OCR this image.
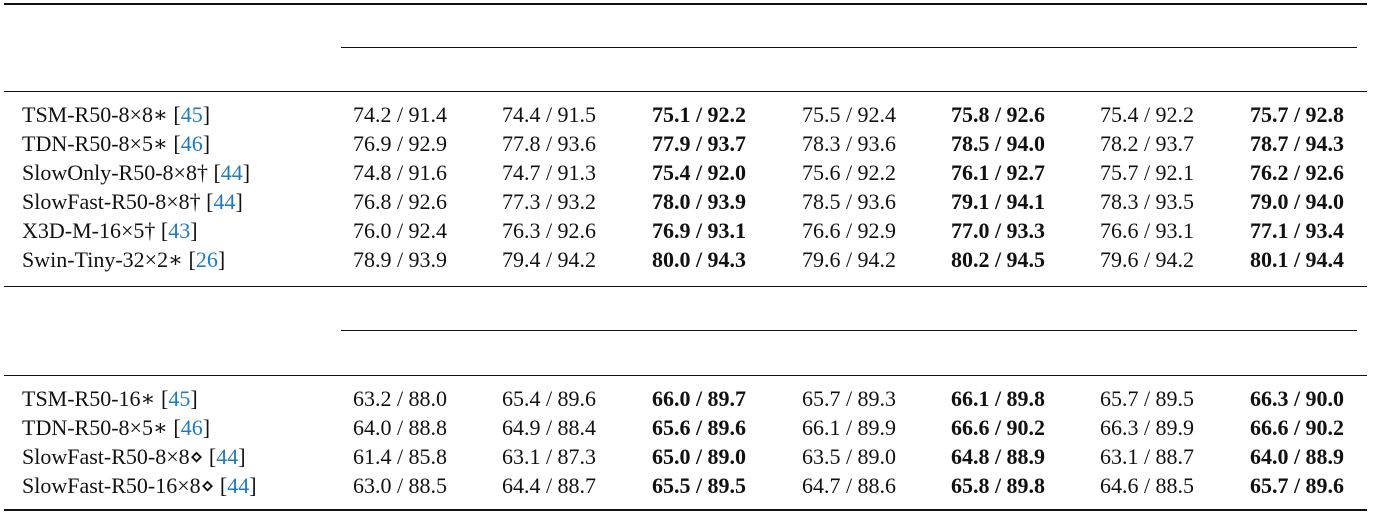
TSM-R50-8×8∗ [45]	74.2 / 91.4	74.4 / 91.5	75.1 / 92.2	75.5 / 92.4	75.8 / 92.6	75.4 / 92.2	75.7 / 92.8
TDN-R50-8×5∗ [46]	76.9 / 92.9	77.8 / 93.6	77.9 / 93.7	78.3 / 93.6	78.5 / 94.0	78.2 / 93.7	78.7 / 94.3
SlowOnly-R50-8×8† [44]	74.8 / 91.6	74.7 / 91.3	75.4 / 92.0	75.6 / 92.2	76.1 / 92.7	75.7 / 92.1	76.2 / 92.6
SlowFast-R50-8×8† [44]	76.8 / 92.6	77.3 / 93.2	78.0 / 93.9	78.5 / 93.6	79.1 / 94.1	78.3 / 93.5	79.0 / 94.0
X3D-M-16×5† [43]	76.0 / 92.4	76.3 / 92.6	76.9 / 93.1	76.6 / 92.9	77.0 / 93.3	76.6 / 93.1	77.1 / 93.4
Swin-Tiny-32×2∗ [26]	78.9 / 93.9	79.4 / 94.2	80.0 / 94.3	79.6 / 94.2	80.2 / 94.5	79.6 / 94.2	80.1 / 94.4
TSM-R50-16∗ [45]	63.2 / 88.0	65.4 / 89.6	66.0 / 89.7	65.7 / 89.3	66.1 / 89.8	65.7 / 89.5	66.3 / 90.0
TDN-R50-8×5∗ [46]	64.0 / 88.8	64.9 / 88.4	65.6 / 89.6	66.1 / 89.9	66.6 / 90.2	66.3 / 89.9	66.6 / 90.2
SlowFast-R50-8×8⋄ [44]	61.4 / 85.8	63.1 / 87.3	65.0 / 89.0	63.5 / 89.0	64.8 / 88.9	63.1 / 88.7	64.0 / 88.9
SlowFast-R50-16×8⋄ [44]	63.0 / 88.5	64.4 / 88.7	65.5 / 89.5	64.7 / 88.6	65.8 / 89.8	64.6 / 88.5	65.7 / 89.6
